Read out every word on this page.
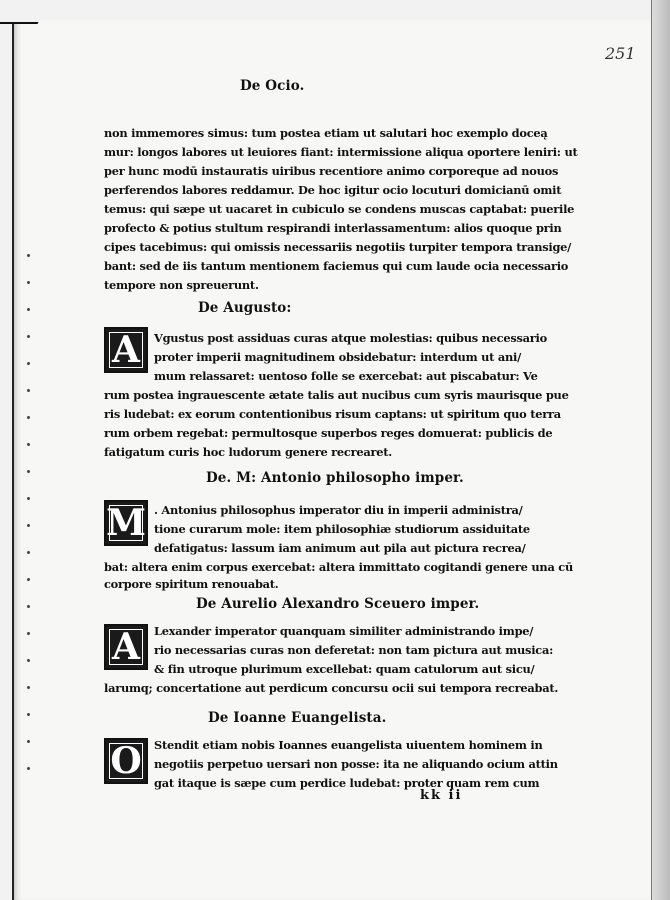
251
De Ocio.
non immemores simus: tum postea etiam ut salutari hoc exemplo doceą
mur: longos labores ut leuiores fiant: intermissione aliqua oportere leniri: ut
per hunc modū instauratis uiribus recentiore animo corporeque ad nouos
perferendos labores reddamur. De hoc igitur ocio locuturi domicianū omit
temus: qui sæpe ut uacaret in cubiculo se condens muscas captabat: puerile
profecto & potius stultum respirandi interlassamentum: alios quoque prin
cipes tacebimus: qui omissis necessariis negotiis turpiter tempora transige/
bant: sed de iis tantum mentionem faciemus qui cum laude ocia necessario
tempore non spreuerunt.
De Augusto:
A Vgustus post assiduas curas atque molestias: quibus necessario
proter imperii magnitudinem obsidebatur: interdum ut ani/
mum relassaret: uentoso folle se exercebat: aut piscabatur: Ve
rum postea ingrauescente ætate talis aut nucibus cum syris maurisque pue
ris ludebat: ex eorum contentionibus risum captans: ut spiritum quo terra
rum orbem regebat: permultosque superbos reges domuerat: publicis de
fatigatum curis hoc ludorum genere recrearet.
De. M: Antonio philosopho imper.
M . Antonius philosophus imperator diu in imperii administra/
tione curarum mole: item philosophiæ studiorum assiduitate
defatigatus: lassum iam animum aut pila aut pictura recrea/
bat: altera enim corpus exercebat: altera immittato cogitandi genere una cū
corpore spiritum renouabat.
De Aurelio Alexandro Sceuero imper.
A Lexander imperator quanquam similiter administrando impe/
rio necessarias curas non deferetat: non tam pictura aut musica:
& fin utroque plurimum excellebat: quam catulorum aut sicu/
larumq; concertatione aut perdicum concursu ocii sui tempora recreabat.
De Ioanne Euangelista.
O Stendit etiam nobis Ioannes euangelista uiuentem hominem in
negotiis perpetuo uersari non posse: ita ne aliquando ocium attin
gat itaque is sæpe cum perdice ludebat: proter quam rem cum
kk ii
